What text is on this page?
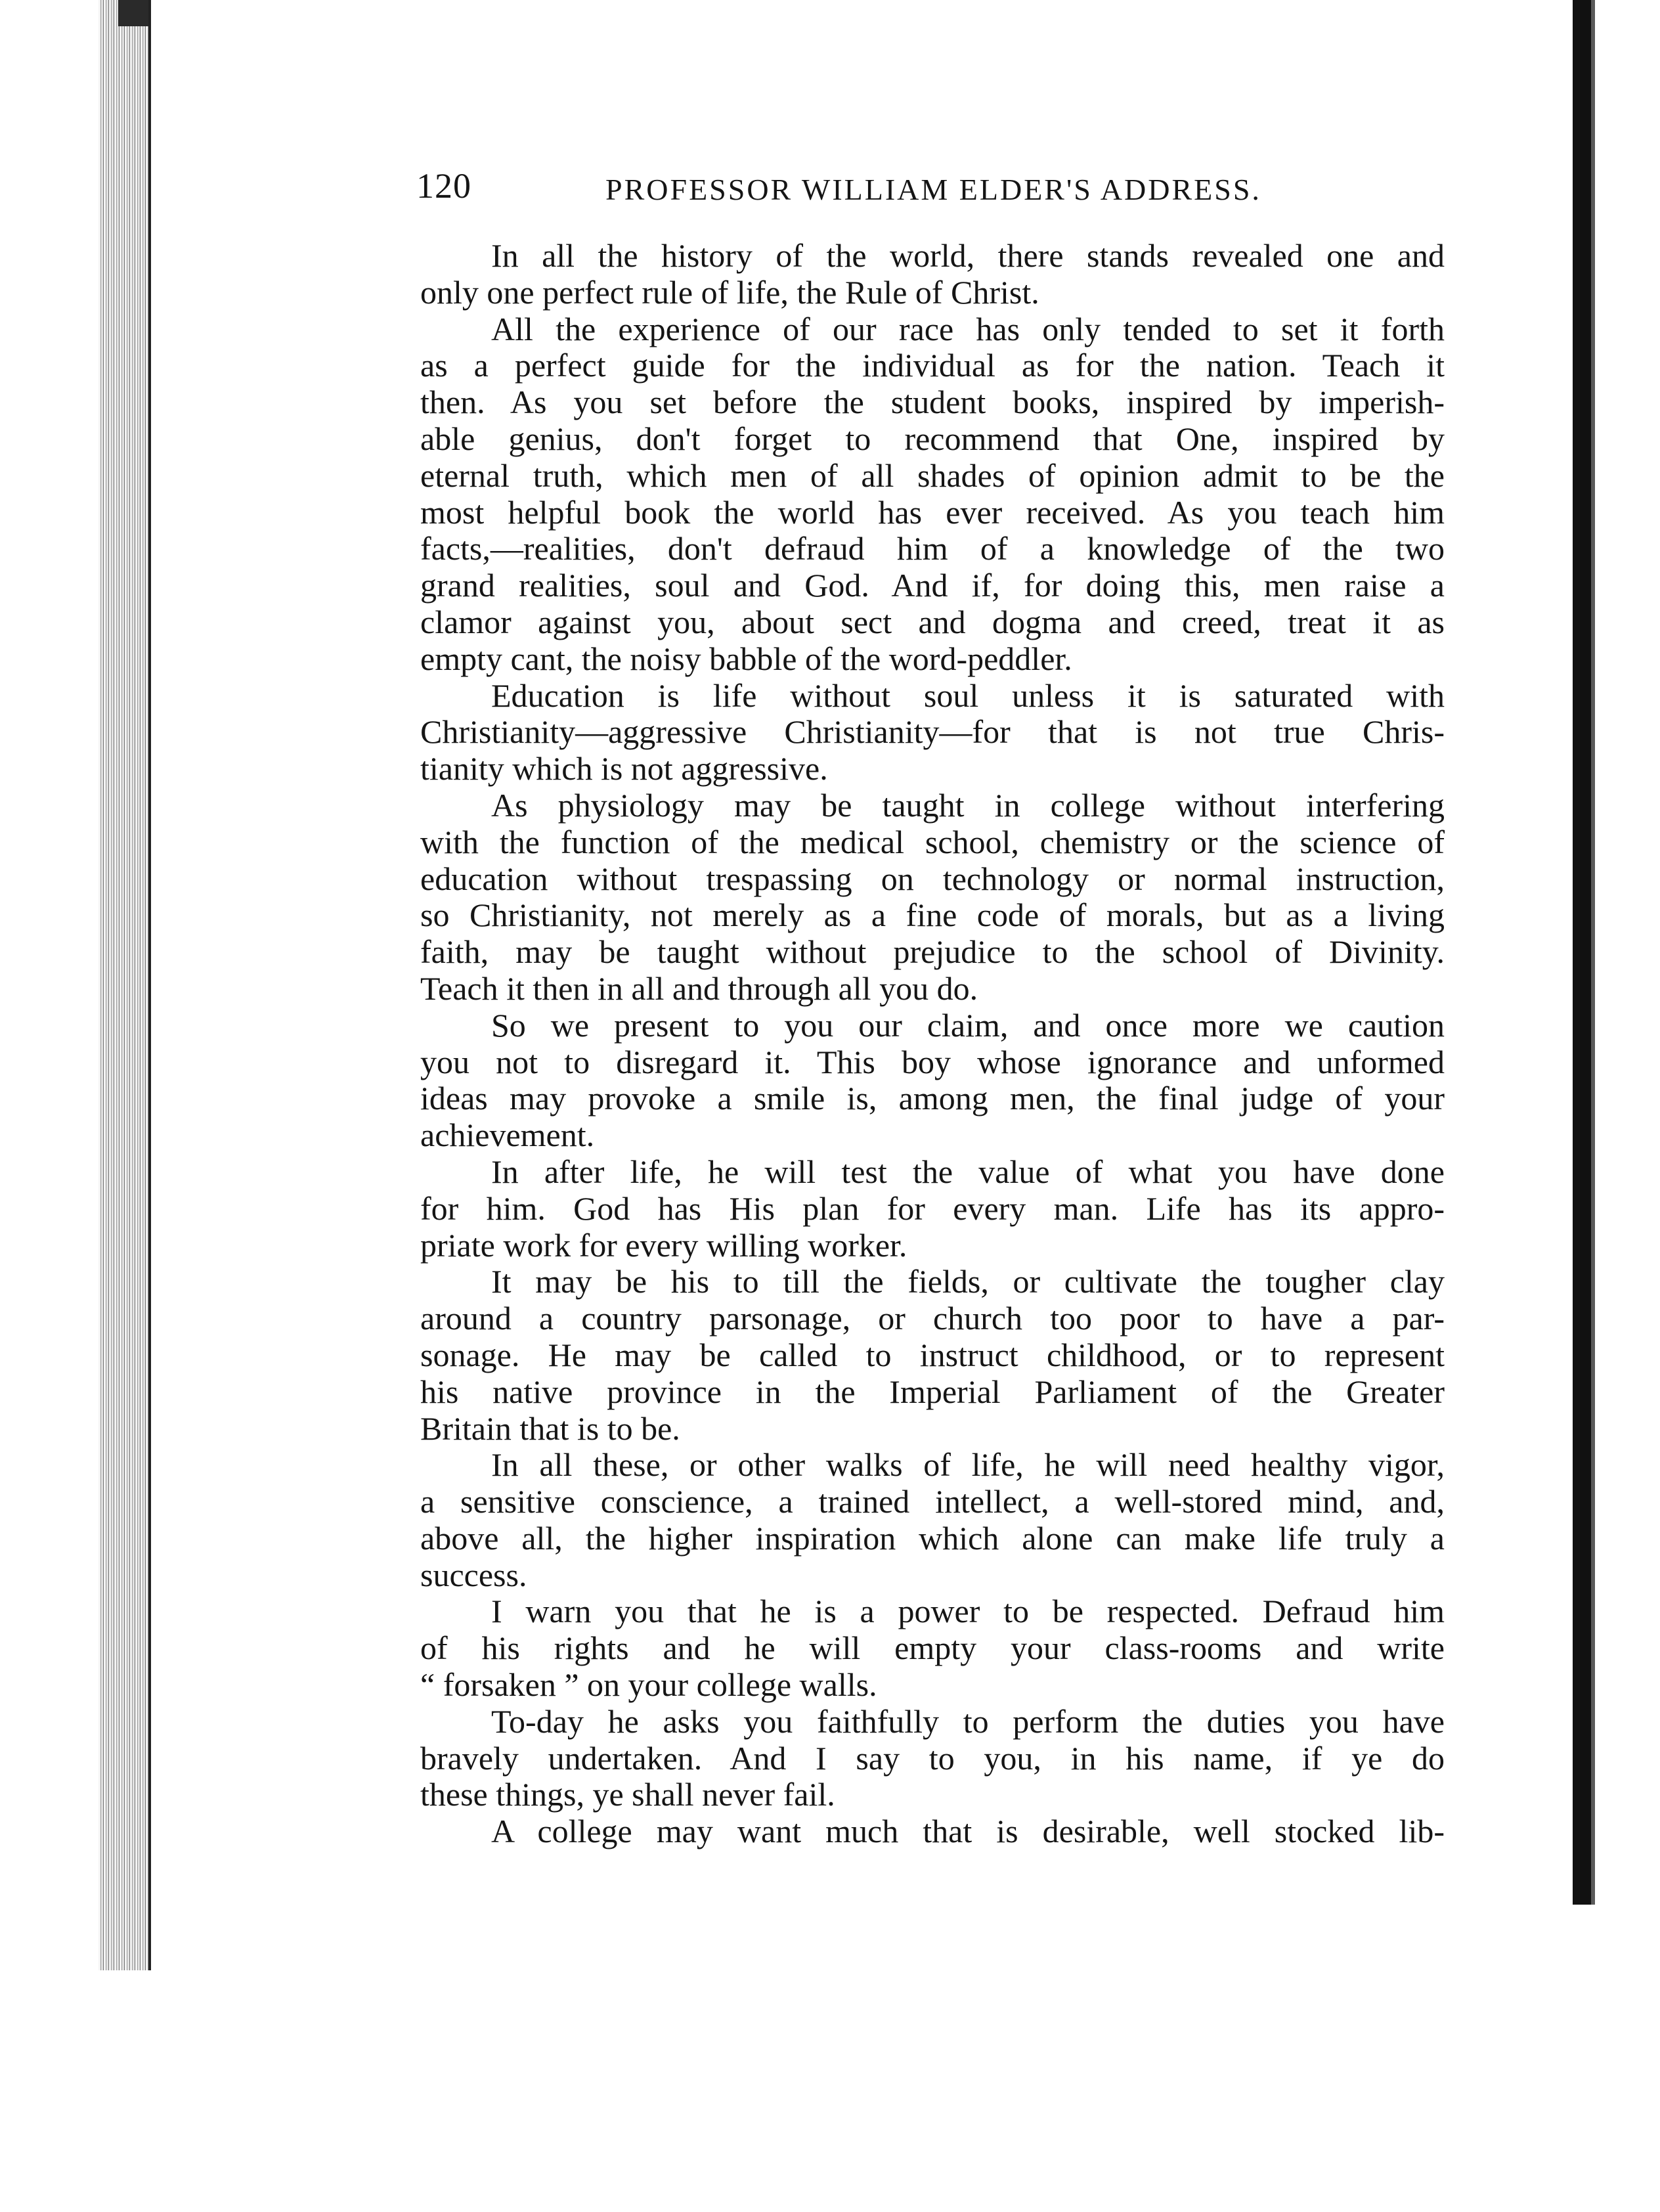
120	PROFESSOR WILLIAM ELDER'S ADDRESS.
In all the history of the world, there stands revealed one and
only one perfect rule of life, the Rule of Christ.
All the experience of our race has only tended to set it forth
as a perfect guide for the individual as for the nation. Teach it
then. As you set before the student books, inspired by imperish-
able genius, don't forget to recommend that One, inspired by
eternal truth, which men of all shades of opinion admit to be the
most helpful book the world has ever received. As you teach him
facts,—realities, don't defraud him of a knowledge of the two
grand realities, soul and God. And if, for doing this, men raise a
clamor against you, about sect and dogma and creed, treat it as
empty cant, the noisy babble of the word-peddler.
Education is life without soul unless it is saturated with
Christianity—aggressive Christianity—for that is not true Chris-
tianity which is not aggressive.
As physiology may be taught in college without interfering
with the function of the medical school, chemistry or the science of
education without trespassing on technology or normal instruction,
so Christianity, not merely as a fine code of morals, but as a living
faith, may be taught without prejudice to the school of Divinity.
Teach it then in all and through all you do.
So we present to you our claim, and once more we caution
you not to disregard it. This boy whose ignorance and unformed
ideas may provoke a smile is, among men, the final judge of your
achievement.
In after life, he will test the value of what you have done
for him. God has His plan for every man. Life has its appro-
priate work for every willing worker.
It may be his to till the fields, or cultivate the tougher clay
around a country parsonage, or church too poor to have a par-
sonage. He may be called to instruct childhood, or to represent
his native province in the Imperial Parliament of the Greater
Britain that is to be.
In all these, or other walks of life, he will need healthy vigor,
a sensitive conscience, a trained intellect, a well-stored mind, and,
above all, the higher inspiration which alone can make life truly a
success.
I warn you that he is a power to be respected. Defraud him
of his rights and he will empty your class-rooms and write
“ forsaken ” on your college walls.
To-day he asks you faithfully to perform the duties you have
bravely undertaken. And I say to you, in his name, if ye do
these things, ye shall never fail.
A college may want much that is desirable, well stocked lib-
